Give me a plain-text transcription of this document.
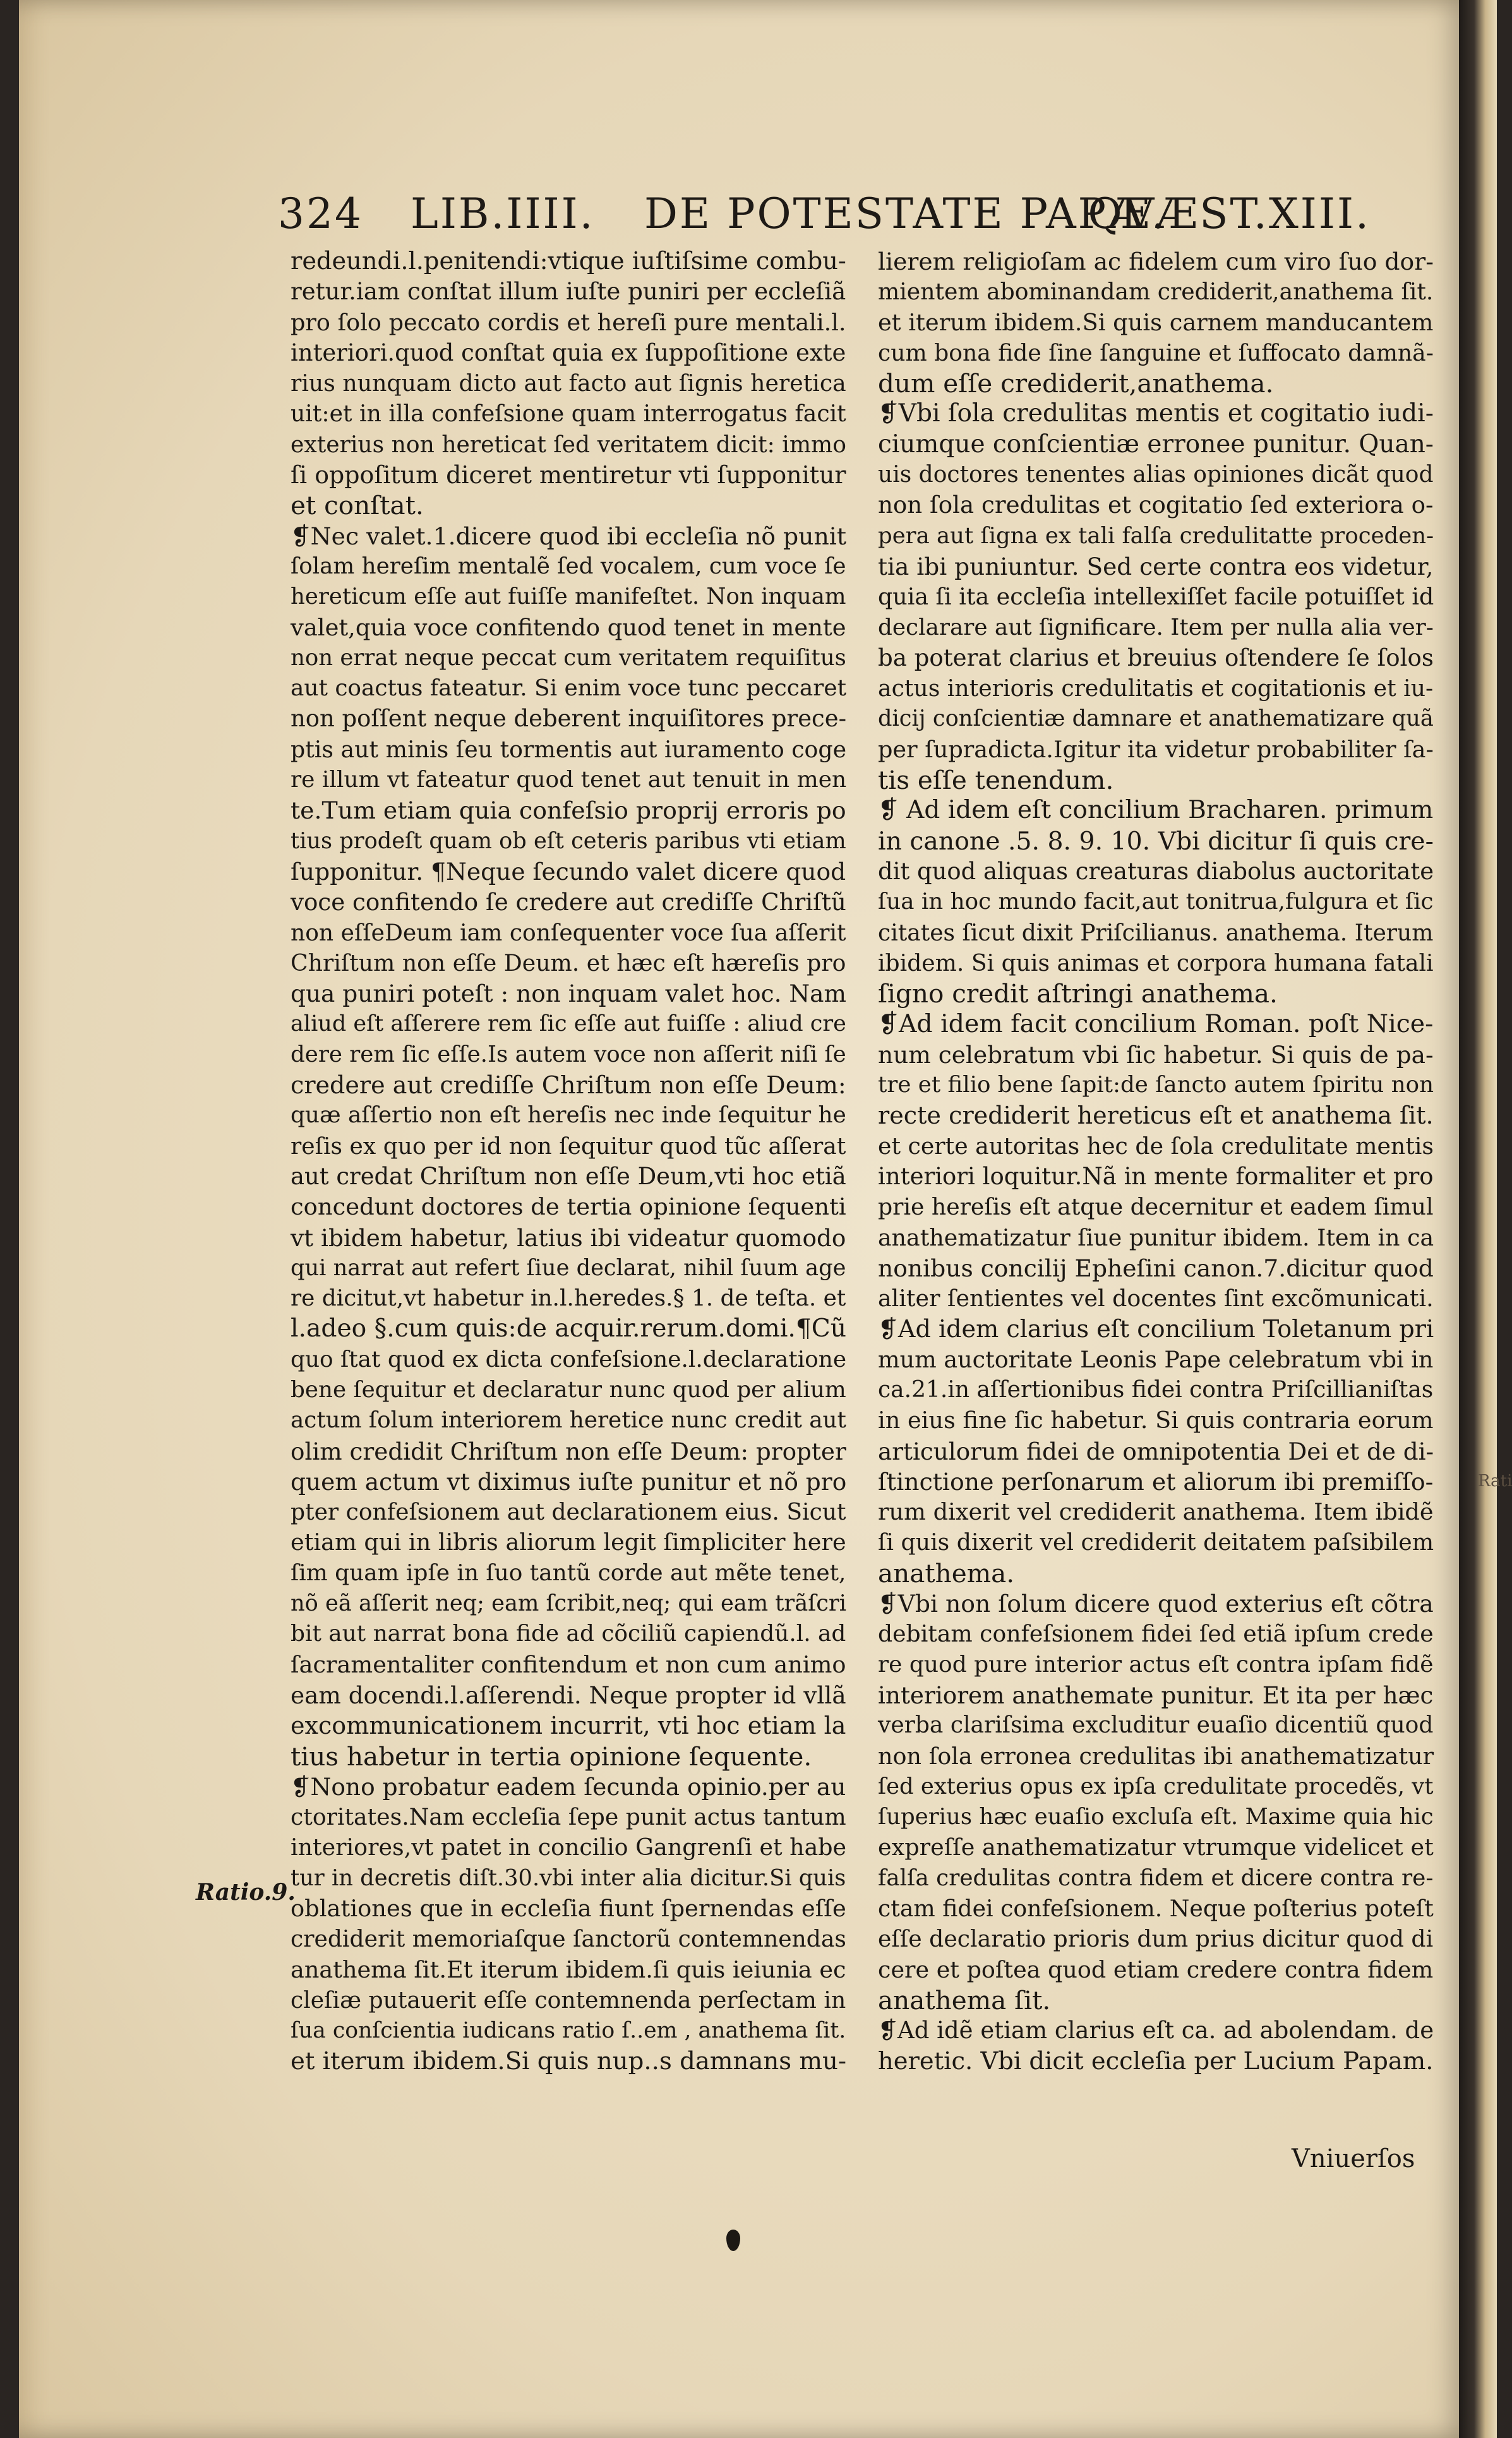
324 LIB.IIII. DE POTESTATE PAPÆ.
QVÆST.XIII.
redeundi.l.penitendi:vtique iuſtiſsime combu-
retur.iam conſtat illum iuſte puniri per eccleſiã
pro ſolo peccato cordis et hereſi pure mentali.l.
interiori.quod conſtat quia ex ſuppoſitione exte
rius nunquam dicto aut facto aut ſignis heretica
uit:et in illa confeſsione quam interrogatus facit
exterius non hereticat ſed veritatem dicit: immo
ſi oppoſitum diceret mentiretur vti ſupponitur
et conſtat.
❡Nec valet.1.dicere quod ibi eccleſia nõ punit
ſolam hereſim mentalẽ ſed vocalem, cum voce ſe
hereticum eſſe aut fuiſſe manifeſtet. Non inquam
valet,quia voce confitendo quod tenet in mente
non errat neque peccat cum veritatem requiſitus
aut coactus fateatur. Si enim voce tunc peccaret
non poſſent neque deberent inquiſitores prece-
ptis aut minis ſeu tormentis aut iuramento coge
re illum vt fateatur quod tenet aut tenuit in men
te.Tum etiam quia confeſsio proprij erroris po
tius prodeſt quam ob eſt ceteris paribus vti etiam
ſupponitur. ¶Neque ſecundo valet dicere quod
voce confitendo ſe credere aut crediſſe Chriſtũ
non eſſeDeum iam conſequenter voce ſua aſſerit
Chriſtum non eſſe Deum. et hæc eſt hæreſis pro
qua puniri poteſt : non inquam valet hoc. Nam
aliud eſt aſſerere rem ſic eſſe aut fuiſſe : aliud cre
dere rem ſic eſſe.Is autem voce non aſſerit niſi ſe
credere aut crediſſe Chriſtum non eſſe Deum:
quæ aſſertio non eſt hereſis nec inde ſequitur he
reſis ex quo per id non ſequitur quod tũc aſſerat
aut credat Chriſtum non eſſe Deum,vti hoc etiã
concedunt doctores de tertia opinione ſequenti
vt ibidem habetur, latius ibi videatur quomodo
qui narrat aut refert ſiue declarat, nihil ſuum age
re dicitut,vt habetur in.l.heredes.§ 1. de teſta. et
l.adeo §.cum quis:de acquir.rerum.domi.¶Cũ
quo ſtat quod ex dicta confeſsione.l.declaratione
bene ſequitur et declaratur nunc quod per alium
actum ſolum interiorem heretice nunc credit aut
olim credidit Chriſtum non eſſe Deum: propter
quem actum vt diximus iuſte punitur et nõ pro
pter confeſsionem aut declarationem eius. Sicut
etiam qui in libris aliorum legit ſimpliciter here
ſim quam ipſe in ſuo tantũ corde aut mẽte tenet,
nõ eã aſſerit neq; eam ſcribit,neq; qui eam trãſcri
bit aut narrat bona fide ad cõciliũ capiendũ.l. ad
ſacramentaliter confitendum et non cum animo
eam docendi.l.aſſerendi. Neque propter id vllã
excommunicationem incurrit, vti hoc etiam la
tius habetur in tertia opinione ſequente.
❡Nono probatur eadem ſecunda opinio.per au
ctoritates.Nam eccleſia ſepe punit actus tantum
interiores,vt patet in concilio Gangrenſi et habe
tur in decretis diſt.30.vbi inter alia dicitur.Si quis
oblationes que in eccleſia fiunt ſpernendas eſſe
crediderit memoriaſque ſanctorũ contemnendas
anathema ſit.Et iterum ibidem.ſi quis ieiunia ec
cleſiæ putauerit eſſe contemnenda perſectam in
ſua conſcientia iudicans ratio ſ..em , anathema ſit.
et iterum ibidem.Si quis nup..s damnans mu-
lierem religioſam ac fidelem cum viro ſuo dor-
mientem abominandam crediderit,anathema ſit.
et iterum ibidem.Si quis carnem manducantem
cum bona fide ſine ſanguine et ſuffocato damnã-
dum eſſe crediderit,anathema.
❡Vbi ſola credulitas mentis et cogitatio iudi-
ciumque conſcientiæ erronee punitur. Quan-
uis doctores tenentes alias opiniones dicãt quod
non ſola credulitas et cogitatio ſed exteriora o-
pera aut ſigna ex tali falſa credulitatte proceden-
tia ibi puniuntur. Sed certe contra eos videtur,
quia ſi ita eccleſia intellexiſſet facile potuiſſet id
declarare aut ſignificare. Item per nulla alia ver-
ba poterat clarius et breuius oſtendere ſe ſolos
actus interioris credulitatis et cogitationis et iu-
dicij conſcientiæ damnare et anathematizare quã
per ſupradicta.Igitur ita videtur probabiliter ſa-
tis eſſe tenendum.
❡ Ad idem eſt concilium Bracharen. primum
in canone .5. 8. 9. 10. Vbi dicitur ſi quis cre-
dit quod aliquas creaturas diabolus auctoritate
ſua in hoc mundo facit,aut tonitrua,fulgura et ſic
citates ſicut dixit Priſcilianus. anathema. Iterum
ibidem. Si quis animas et corpora humana fatali
ſigno credit aſtringi anathema.
❡Ad idem facit concilium Roman. poſt Nice-
num celebratum vbi ſic habetur. Si quis de pa-
tre et filio bene ſapit:de ſancto autem ſpiritu non
recte crediderit hereticus eſt et anathema ſit.
et certe autoritas hec de ſola credulitate mentis
interiori loquitur.Nã in mente formaliter et pro
prie hereſis eſt atque decernitur et eadem ſimul
anathematizatur ſiue punitur ibidem. Item in ca
nonibus concilij Epheſini canon.7.dicitur quod
aliter ſentientes vel docentes ſint excõmunicati.
❡Ad idem clarius eſt concilium Toletanum pri
mum auctoritate Leonis Pape celebratum vbi in
ca.21.in aſſertionibus fidei contra Priſcillianiſtas
in eius fine ſic habetur. Si quis contraria eorum
articulorum fidei de omnipotentia Dei et de di-
ſtinctione perſonarum et aliorum ibi premiſſo-
rum dixerit vel crediderit anathema. Item ibidẽ
ſi quis dixerit vel crediderit deitatem paſsibilem
anathema.
❡Vbi non ſolum dicere quod exterius eſt cõtra
debitam confeſsionem fidei ſed etiã ipſum crede
re quod pure interior actus eſt contra ipſam fidẽ
interiorem anathemate punitur. Et ita per hæc
verba clariſsima excluditur euaſio dicentiũ quod
non ſola erronea credulitas ibi anathematizatur
ſed exterius opus ex ipſa credulitate procedẽs, vt
ſuperius hæc euaſio excluſa eſt. Maxime quia hic
expreſſe anathematizatur vtrumque videlicet et
falſa credulitas contra fidem et dicere contra re-
ctam fidei confeſsionem. Neque poſterius poteſt
eſſe declaratio prioris dum prius dicitur quod di
cere et poſtea quod etiam credere contra fidem
anathema ſit.
❡Ad idẽ etiam clarius eſt ca. ad abolendam. de
heretic. Vbi dicit eccleſia per Lucium Papam.
Ratio.9.
Vniuerſos
Rati
